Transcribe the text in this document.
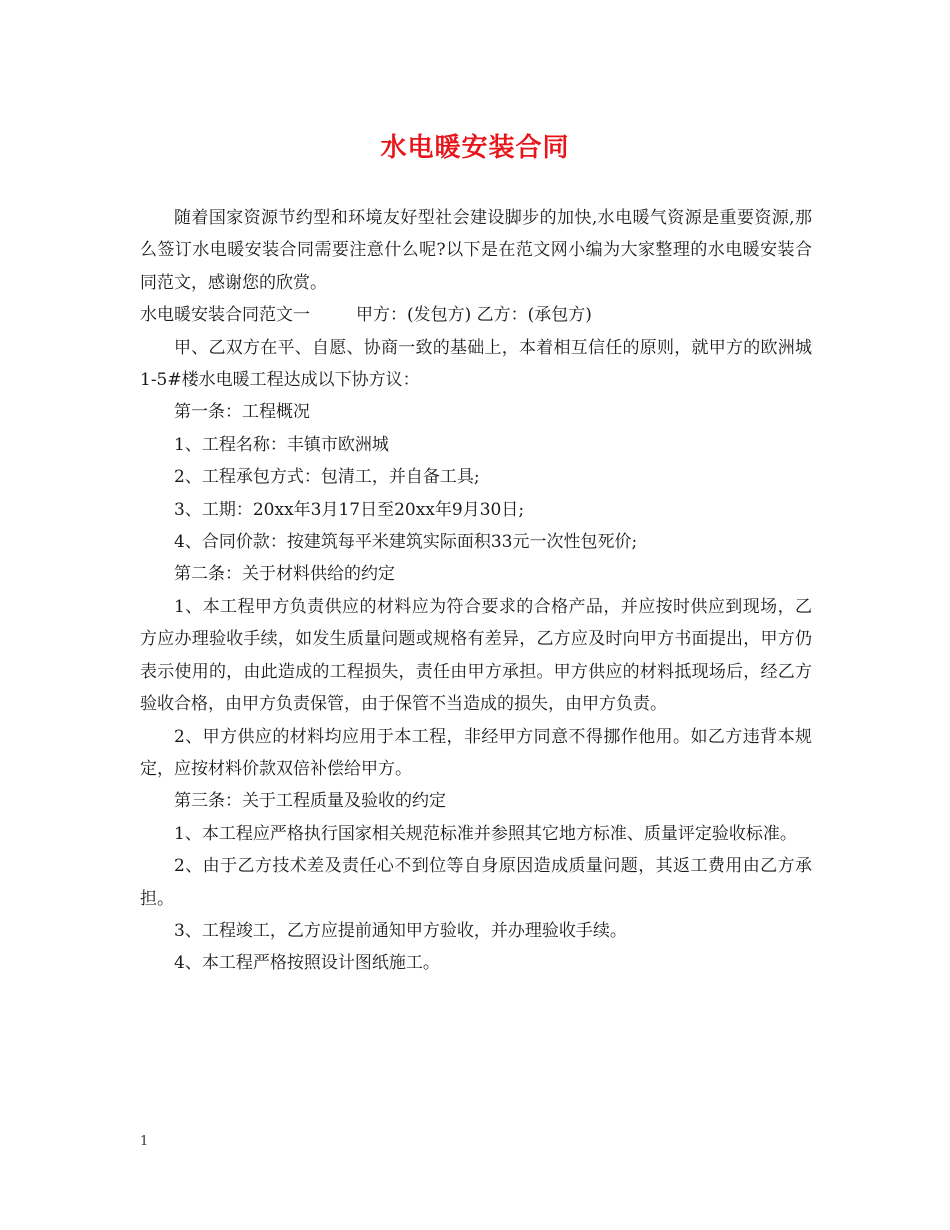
水电暖安装合同

随着国家资源节约型和环境友好型社会建设脚步的加快,水电暖气资源是重要资源,那么签订水电暖安装合同需要注意什么呢?以下是在范文网小编为大家整理的水电暖安装合同范文，感谢您的欣赏。

水电暖安装合同范文一	甲方：(发包方) 乙方：(承包方)

甲、乙双方在平、自愿、协商一致的基础上，本着相互信任的原则，就甲方的欧洲城1-5#楼水电暖工程达成以下协方议：

第一条：工程概况

1、工程名称：丰镇市欧洲城

2、工程承包方式：包清工，并自备工具;

3、工期：20xx年3月17日至20xx年9月30日;

4、合同价款：按建筑每平米建筑实际面积33元一次性包死价;

第二条：关于材料供给的约定

1、本工程甲方负责供应的材料应为符合要求的合格产品，并应按时供应到现场，乙方应办理验收手续，如发生质量问题或规格有差异，乙方应及时向甲方书面提出，甲方仍表示使用的，由此造成的工程损失，责任由甲方承担。甲方供应的材料抵现场后，经乙方验收合格，由甲方负责保管，由于保管不当造成的损失，由甲方负责。

2、甲方供应的材料均应用于本工程，非经甲方同意不得挪作他用。如乙方违背本规定，应按材料价款双倍补偿给甲方。

第三条：关于工程质量及验收的约定

1、本工程应严格执行国家相关规范标准并参照其它地方标准、质量评定验收标准。

2、由于乙方技术差及责任心不到位等自身原因造成质量问题，其返工费用由乙方承担。

3、工程竣工，乙方应提前通知甲方验收，并办理验收手续。

4、本工程严格按照设计图纸施工。

1
